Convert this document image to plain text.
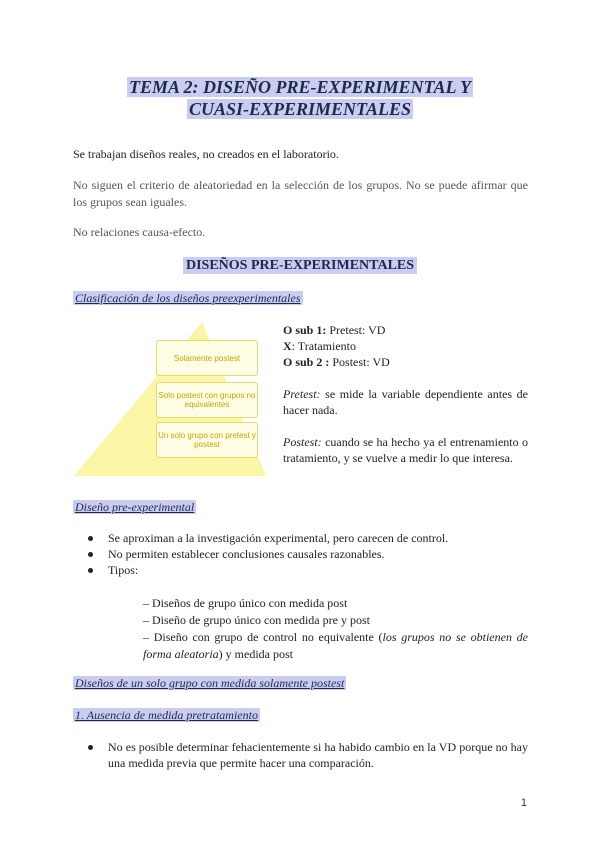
TEMA 2: DISEÑO PRE-EXPERIMENTAL Y
CUASI-EXPERIMENTALES
Se trabajan diseños reales, no creados en el laboratorio.
No siguen el criterio de aleatoriedad en la selección de los grupos. No se puede afirmar que los grupos sean iguales.
No relaciones causa-efecto.
DISEÑOS PRE-EXPERIMENTALES
Clasificación de los diseños preexperimentales
Solamente postest
Solo postest con grupos no equivalentes
Un solo grupo con pretest y postest
O sub 1: Pretest: VD
X: Tratamiento
O sub 2 : Postest: VD
Pretest: se mide la variable dependiente antes de hacer nada.
Postest: cuando se ha hecho ya el entrenamiento o tratamiento, y se vuelve a medir lo que interesa.
Diseño pre-experimental
Se aproximan a la investigación experimental, pero carecen de control.
No permiten establecer conclusiones causales razonables.
Tipos:
– Diseños de grupo único con medida post
– Diseño de grupo único con medida pre y post
– Diseño con grupo de control no equivalente (los grupos no se obtienen de forma aleatoria) y medida post
Diseños de un solo grupo con medida solamente postest
1. Ausencia de medida pretratamiento
No es posible determinar fehacientemente si ha habido cambio en la VD porque no hay una medida previa que permite hacer una comparación.
1
